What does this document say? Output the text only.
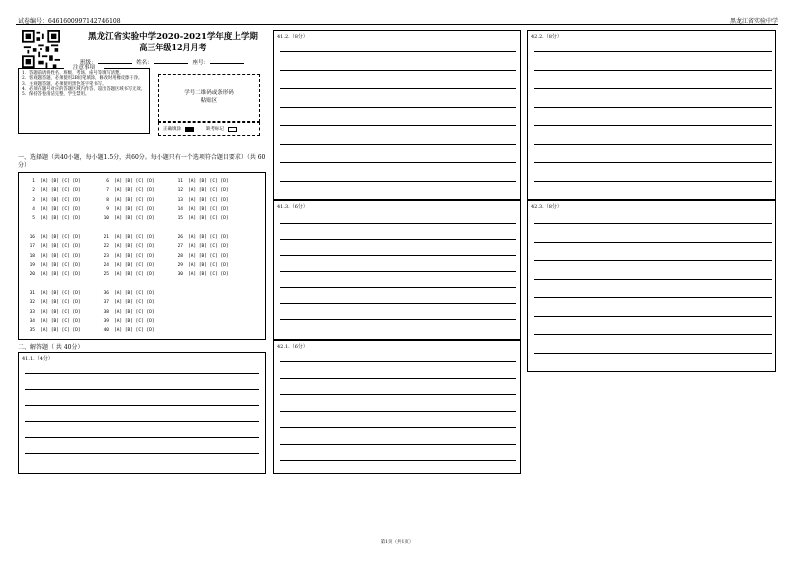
试卷编号：6461600997142746108	黑龙江省实验中学
黑龙江省实验中学2020-2021学年度上学期
高三年级12月月考
班级：	姓名：	座号：
注意事项
1．答题前请将姓名、班级、考场、座号等填写清楚。
2．客观题答题，必须使用2B铅笔填涂，修改时用橡皮擦干净。
3．主观题答题，必须使用黑色签字笔书写。
4．必须在题号对应的答题区域内作答，超出答题区域书写无效。
5．保持答卷清洁完整，学生禁用。	学号二维码或条形码
粘贴区
正确填涂	缺考标记
一、选择题（共40小题，每小题1.5分，共60分。每小题只有一个选项符合题目要求）（共 60分）
1 [A] [B] [C] [D]
2 [A] [B] [C] [D]
3 [A] [B] [C] [D]
4 [A] [B] [C] [D]
5 [A] [B] [C] [D]
6 [A] [B] [C] [D]
7 [A] [B] [C] [D]
8 [A] [B] [C] [D]
9 [A] [B] [C] [D]
10 [A] [B] [C] [D]
11 [A] [B] [C] [D]
12 [A] [B] [C] [D]
13 [A] [B] [C] [D]
14 [A] [B] [C] [D]
15 [A] [B] [C] [D]
16 [A] [B] [C] [D]
17 [A] [B] [C] [D]
18 [A] [B] [C] [D]
19 [A] [B] [C] [D]
20 [A] [B] [C] [D]
21 [A] [B] [C] [D]
22 [A] [B] [C] [D]
23 [A] [B] [C] [D]
24 [A] [B] [C] [D]
25 [A] [B] [C] [D]
26 [A] [B] [C] [D]
27 [A] [B] [C] [D]
28 [A] [B] [C] [D]
29 [A] [B] [C] [D]
30 [A] [B] [C] [D]
31 [A] [B] [C] [D]
32 [A] [B] [C] [D]
33 [A] [B] [C] [D]
34 [A] [B] [C] [D]
35 [A] [B] [C] [D]
36 [A] [B] [C] [D]
37 [A] [B] [C] [D]
38 [A] [B] [C] [D]
39 [A] [B] [C] [D]
40 [A] [B] [C] [D]
二、解答题（ 共 40分）
41.1.（4分）
41.2.（8分）
41.3.（6分）
42.1.（6分）
42.2.（8分）
42.3.（8分）
第1页（共1页）
